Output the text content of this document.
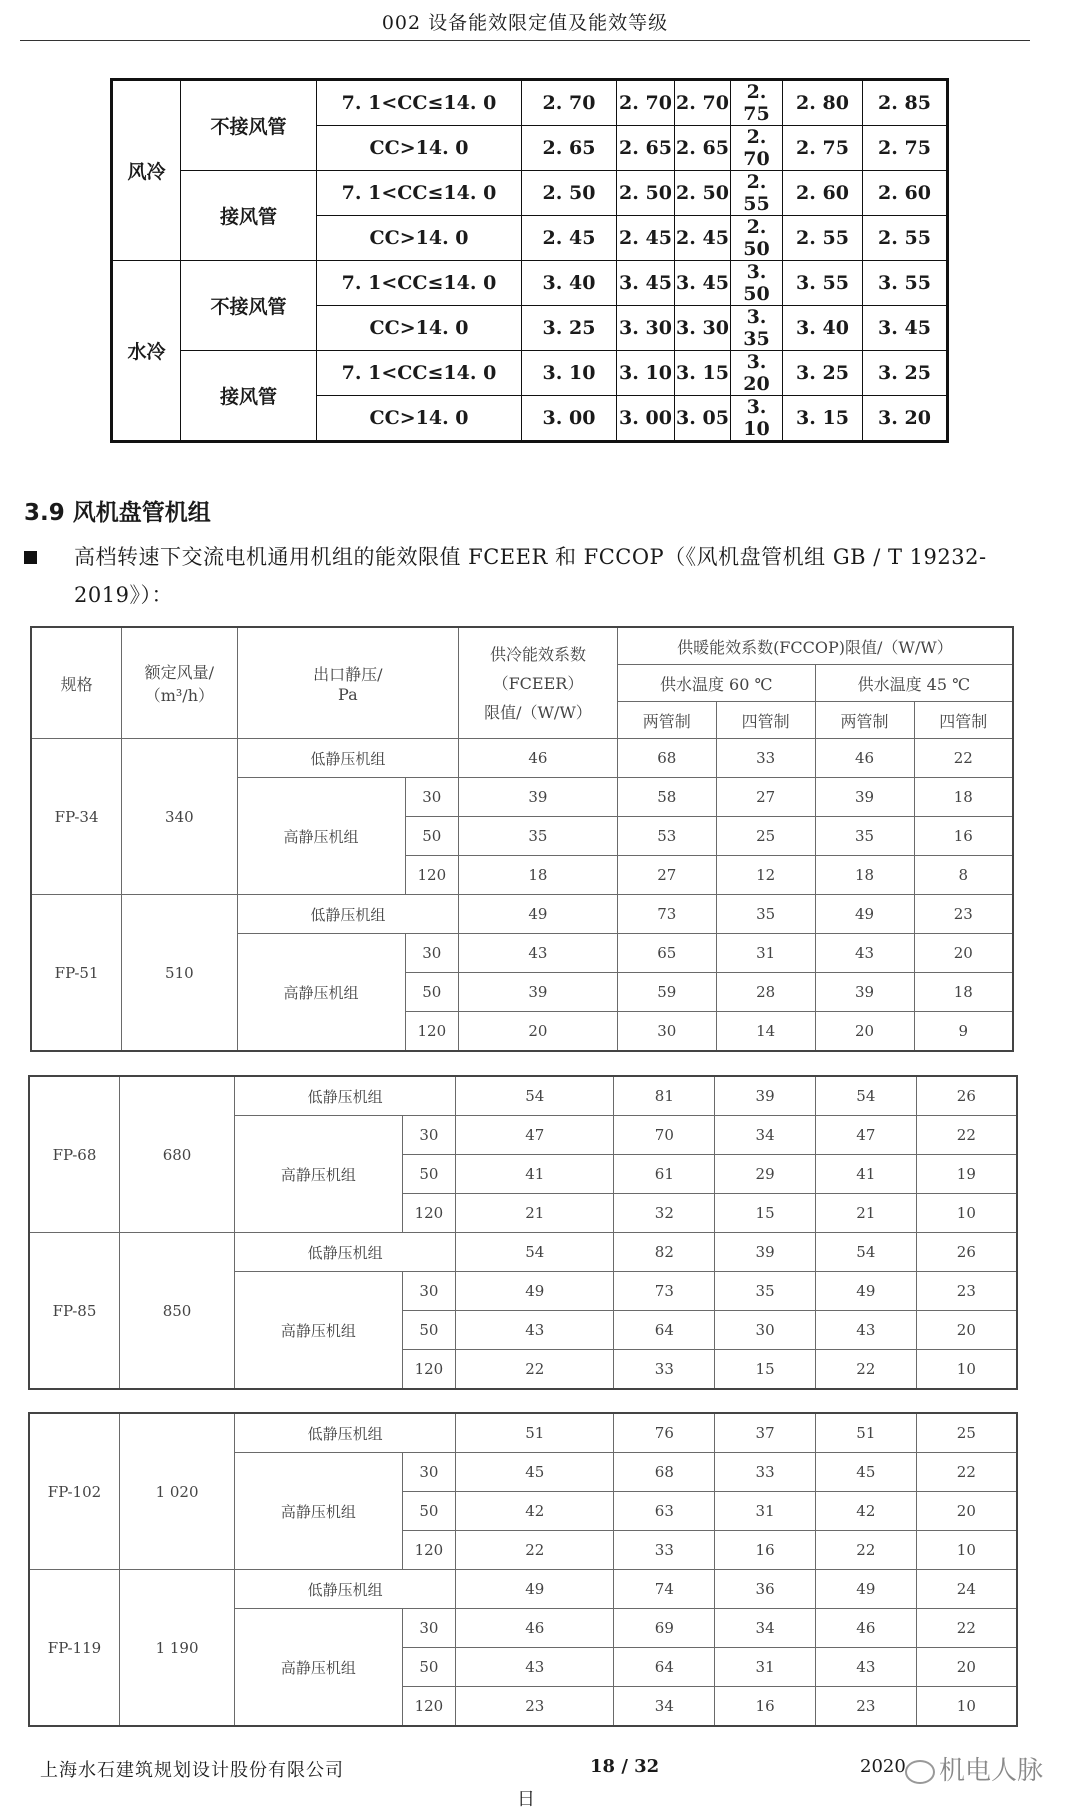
002 设备能效限定值及能效等级
风冷	不接风管	7. 1<CC≤14. 0	2. 70	2. 70	2. 70	2. 75	2. 80	2. 85
		CC>14. 0	2. 65	2. 65	2. 65	2. 70	2. 75	2. 75
	接风管	7. 1<CC≤14. 0	2. 50	2. 50	2. 50	2. 55	2. 60	2. 60
		CC>14. 0	2. 45	2. 45	2. 45	2. 50	2. 55	2. 55
水冷	不接风管	7. 1<CC≤14. 0	3. 40	3. 45	3. 45	3. 50	3. 55	3. 55
		CC>14. 0	3. 25	3. 30	3. 30	3. 35	3. 40	3. 45
	接风管	7. 1<CC≤14. 0	3. 10	3. 10	3. 15	3. 20	3. 25	3. 25
		CC>14. 0	3. 00	3. 00	3. 05	3. 10	3. 15	3. 20
3.9 风机盘管机组
高档转速下交流电机通用机组的能效限值 FCEER 和 FCCOP（《风机盘管机组 GB / T 19232-2019》）：
规格	额定风量/
（m³/h）	出口静压/
Pa		供冷能效系数
（FCEER）
限值/（W/W）	供暖能效系数(FCCOP)限值/（W/W）			
					供水温度 60 ℃		供水温度 45 ℃	
					两管制	四管制	两管制	四管制
FP-34	340	低静压机组		46	68	33	46	22
		高静压机组	30	39	58	27	39	18
			50	35	53	25	35	16
			120	18	27	12	18	8
FP-51	510	低静压机组		49	73	35	49	23
		高静压机组	30	43	65	31	43	20
			50	39	59	28	39	18
			120	20	30	14	20	9
FP-68	680	低静压机组		54	81	39	54	26
		高静压机组	30	47	70	34	47	22
			50	41	61	29	41	19
			120	21	32	15	21	10
FP-85	850	低静压机组		54	82	39	54	26
		高静压机组	30	49	73	35	49	23
			50	43	64	30	43	20
			120	22	33	15	22	10
FP-102	1 020	低静压机组		51	76	37	51	25
		高静压机组	30	45	68	33	45	22
			50	42	63	31	42	20
			120	22	33	16	22	10
FP-119	1 190	低静压机组		49	74	36	49	24
		高静压机组	30	46	69	34	46	22
			50	43	64	31	43	20
			120	23	34	16	23	10
上海水石建筑规划设计股份有限公司	18 / 32	2020
日
机电人脉
